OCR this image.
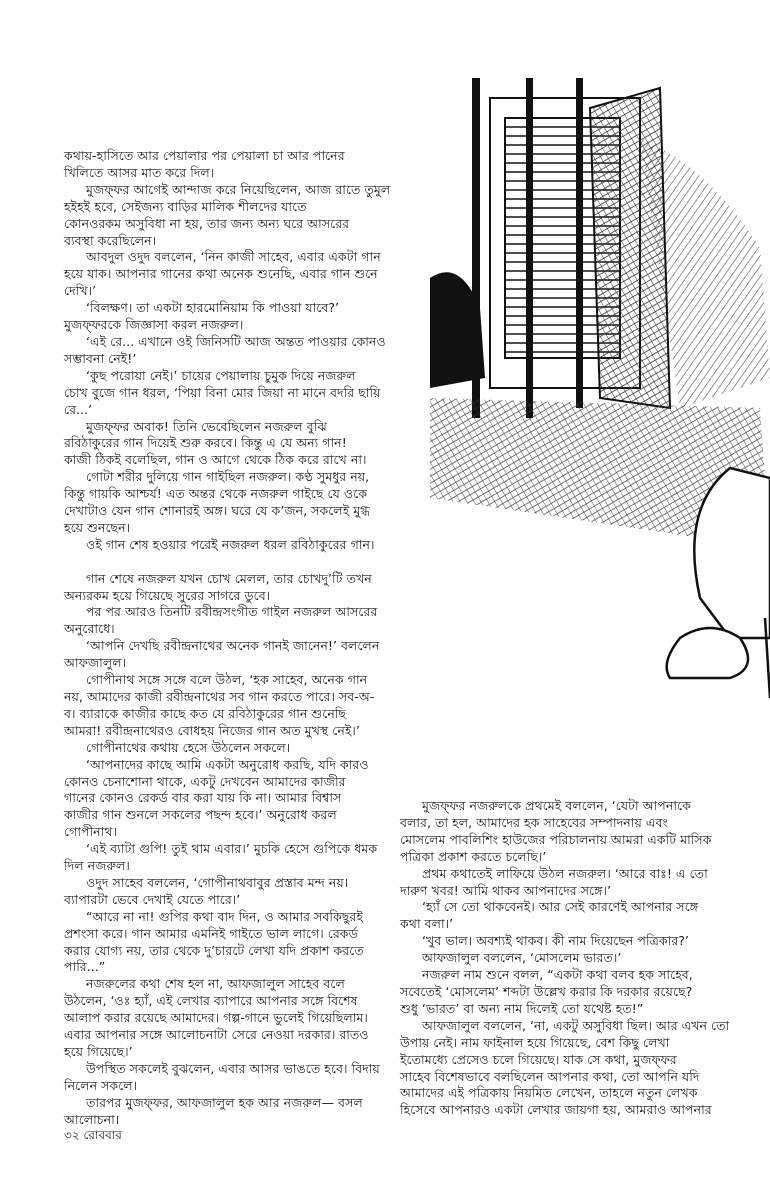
কথায়-হাসিতে আর পেয়ালার পর পেয়ালা চা আর পানের
খিলিতে আসর মাত করে দিল।
মুজফ্ফর আগেই আন্দাজ করে নিয়েছিলেন, আজ রাতে তুমুল
হইহই হবে, সেইজন্য বাড়ির মালিক শীলদের যাতে
কোনওরকম অসুবিধা না হয়, তার জন্য অন্য ঘরে আসরের
ব্যবস্থা করেছিলেন।
আবদুল ওদুদ বললেন, ‘নিন কাজী সাহেব, এবার একটা গান
হয়ে যাক। আপনার গানের কথা অনেক শুনেছি, এবার গান শুনে
দেখি।’
‘বিলক্ষণ। তা একটা হারমোনিয়াম কি পাওয়া যাবে?’
মুজফ্ফরকে জিজ্ঞাসা করল নজরুল।
‘এই রে... এখানে ওই জিনিসটি আজ অন্তত পাওয়ার কোনও
সম্ভাবনা নেই!’
‘কুছ পরোয়া নেই।’ চায়ের পেয়ালায় চুমুক দিয়ে নজরুল
চোখ বুজে গান ধরল, ‘পিয়া বিনা মোর জিয়া না মানে বদরি ছায়ি
রে...’
মুজফ্ফর অবাক! তিনি ভেবেছিলেন নজরুল বুঝি
রবিঠাকুরের গান দিয়েই শুরু করবে। কিন্তু এ যে অন্য গান!
কাজী ঠিকই বলেছিল, গান ও আগে থেকে ঠিক করে রাখে না।
গোটা শরীর দুলিয়ে গান গাইছিল নজরুল। কণ্ঠ সুমধুর নয়,
কিন্তু গায়কি আশ্চর্য! এত অন্তর থেকে নজরুল গাইছে যে ওকে
দেখাটাও যেন গান শোনারই অঙ্গ। ঘরে যে ক’জন, সকলেই মুগ্ধ
হয়ে শুনছেন।
ওই গান শেষ হওয়ার পরেই নজরুল ধরল রবিঠাকুরের গান।
গান শেষে নজরুল যখন চোখ মেলল, তার চোখদু’টি তখন
অন্যরকম হয়ে গিয়েছে সুরের সাগরে ডুবে।
পর পর আরও তিনটি রবীন্দ্রসংগীত গাইল নজরুল আসরের
অনুরোধে।
‘আপনি দেখছি রবীন্দ্রনাথের অনেক গানই জানেন!’ বললেন
আফজালুল।
গোপীনাথ সঙ্গে সঙ্গে বলে উঠল, ‘হক সাহেব, অনেক গান
নয়, আমাদের কাজী রবীন্দ্রনাথের সব গান করতে পারে। সব-অ-
ব। ব্যারাকে কাজীর কাছে কত যে রবিঠাকুরের গান শুনেছি
আমরা! রবীন্দ্রনাথেরও বোধহয় নিজের গান অত মুখস্থ নেই।’
গোপীনাথের কথায় হেসে উঠলেন সকলে।
‘আপনাদের কাছে আমি একটা অনুরোধ করছি, যদি কারও
কোনও চেনাশোনা থাকে, একটু দেখবেন আমাদের কাজীর
গানের কোনও রেকর্ড বার করা যায় কি না। আমার বিশ্বাস
কাজীর গান শুনলে সকলের পছন্দ হবে।’ অনুরোধ করল
গোপীনাথ।
‘এই ব্যাটা গুপি! তুই থাম এবার।’ মুচকি হেসে গুপিকে ধমক
দিল নজরুল।
ওদুদ সাহেব বললেন, ‘গোপীনাথবাবুর প্রস্তাব মন্দ নয়।
ব্যাপারটা ভেবে দেখাই যেতে পারে।’
“আরে না না! গুপির কথা বাদ দিন, ও আমার সবকিছুরই
প্রশংসা করে। গান আমার এমনিই গাইতে ভাল লাগে। রেকর্ড
করার যোগ্য নয়, তার থেকে দু’চারটে লেখা যদি প্রকাশ করতে
পারি...”
নজরুলের কথা শেষ হল না, আফজালুল সাহেব বলে
উঠলেন, ‘ওঃ হ্যাঁ, এই লেখার ব্যাপারে আপনার সঙ্গে বিশেষ
আলাপ করার রয়েছে আমাদের। গল্প-গানে ভুলেই গিয়েছিলাম।
এবার আপনার সঙ্গে আলোচনাটা সেরে নেওয়া দরকার। রাতও
হয়ে গিয়েছে।’
উপস্থিত সকলেই বুঝলেন, এবার আসর ভাঙতে হবে। বিদায়
নিলেন সকলে।
তারপর মুজফ্ফর, আফজালুল হক আর নজরুল— বসল
আলোচনা।
মুজফ্ফর নজরুলকে প্রথমেই বললেন, ‘যেটা আপনাকে
বলার, তা হল, আমাদের হক সাহেবের সম্পাদনায় এবং
মোসলেম পাবলিশিং হাউজের পরিচালনায় আমরা একটি মাসিক
পত্রিকা প্রকাশ করতে চলেছি।’
প্রথম কথাতেই লাফিয়ে উঠল নজরুল। ‘আরে বাঃ! এ তো
দারুণ খবর! আমি থাকব আপনাদের সঙ্গে।’
‘হ্যাঁ সে তো থাকবেনই। আর সেই কারণেই আপনার সঙ্গে
কথা বলা।’
‘খুব ভাল। অবশ্যই থাকব। কী নাম দিয়েছেন পত্রিকার?’
আফজালুল বললেন, ‘মোসলেম ভারত।’
নজরুল নাম শুনে বলল, “একটা কথা বলব হক সাহেব,
সবেতেই ‘মোসলেম’ শব্দটা উল্লেখ করার কি দরকার রয়েছে?
শুধু ‘ভারত’ বা অন্য নাম দিলেই তো যথেষ্ট হত!”
আফজালুল বললেন, ‘না, একটু অসুবিধা ছিল। আর এখন তো
উপায় নেই। নাম ফাইনাল হয়ে গিয়েছে, বেশ কিছু লেখা
ইতোমধ্যে প্রেসেও চলে গিয়েছে। যাক সে কথা, মুজফ্ফর
সাহেব বিশেষভাবে বলছিলেন আপনার কথা, তো আপনি যদি
আমাদের এই পত্রিকায় নিয়মিত লেখেন, তাহলে নতুন লেখক
হিসেবে আপনারও একটা লেখার জায়গা হয়, আমরাও আপনার
৩২ রোববার
